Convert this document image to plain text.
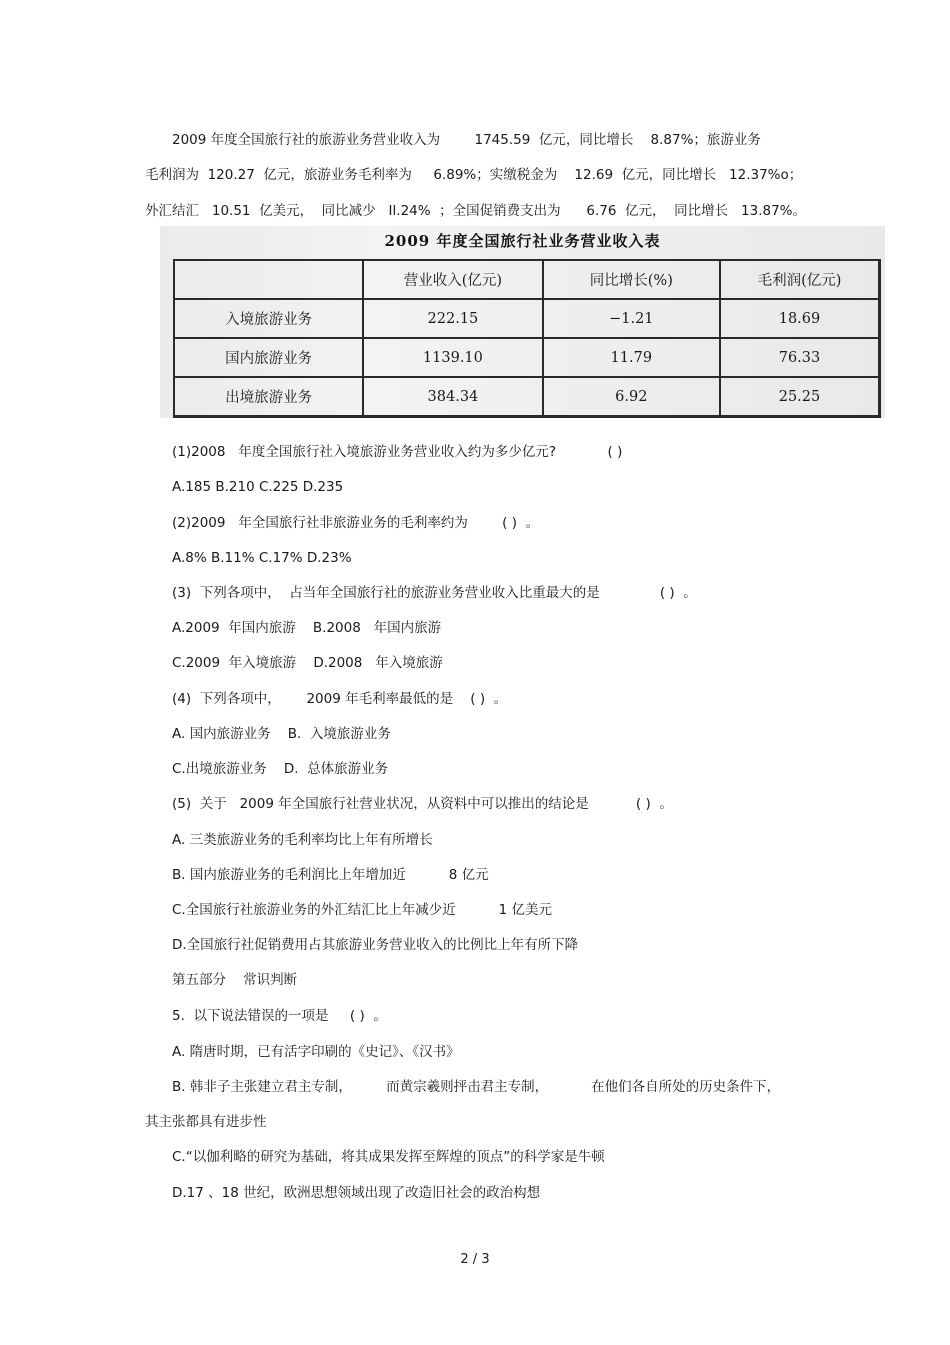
2009 年度全国旅行社的旅游业务营业收入为        1745.59  亿元，同比增长    8.87%；旅游业务
毛利润为  120.27  亿元，旅游业务毛利率为     6.89%；实缴税金为    12.69  亿元，同比增长   12.37%o；
外汇结汇   10.51  亿美元，  同比减少   Il.24%  ；全国促销费支出为      6.76  亿元，  同比增长   13.87%。
2009 年度全国旅行社业务营业收入表
	营业收入(亿元)	同比增长(%)	毛利润(亿元)
入境旅游业务	222.15	−1.21	18.69
国内旅游业务	1139.10	11.79	76.33
出境旅游业务	384.34	6.92	25.25
(1)2008   年度全国旅行社入境旅游业务营业收入约为多少亿元?            ( )
A.185 B.210 C.225 D.235
(2)2009   年全国旅行社非旅游业务的毛利率约为        ( )  。
A.8% B.11% C.17% D.23%
(3)  下列各项中，  占当年全国旅行社的旅游业务营业收入比重最大的是              ( )  。
A.2009  年国内旅游    B.2008   年国内旅游
C.2009  年入境旅游    D.2008   年入境旅游
(4)  下列各项中，      2009 年毛利率最低的是    ( )  。
A. 国内旅游业务    B.  入境旅游业务
C.出境旅游业务    D.  总体旅游业务
(5)  关于   2009 年全国旅行社营业状况，从资料中可以推出的结论是           ( )  。
A. 三类旅游业务的毛利率均比上年有所增长
B. 国内旅游业务的毛利润比上年增加近          8 亿元
C.全国旅行社旅游业务的外汇结汇比上年减少近          1 亿美元
D.全国旅行社促销费用占其旅游业务营业收入的比例比上年有所下降
第五部分    常识判断
5.  以下说法错误的一项是     ( )  。
A. 隋唐时期，已有活字印刷的《史记》、《汉书》
B. 韩非子主张建立君主专制，        而黄宗羲则抨击君主专制，          在他们各自所处的历史条件下，
其主张都具有进步性
C.“以伽利略的研究为基础，将其成果发挥至辉煌的顶点”的科学家是牛顿
D.17 、18 世纪，欧洲思想领域出现了改造旧社会的政治构想
2 / 3
